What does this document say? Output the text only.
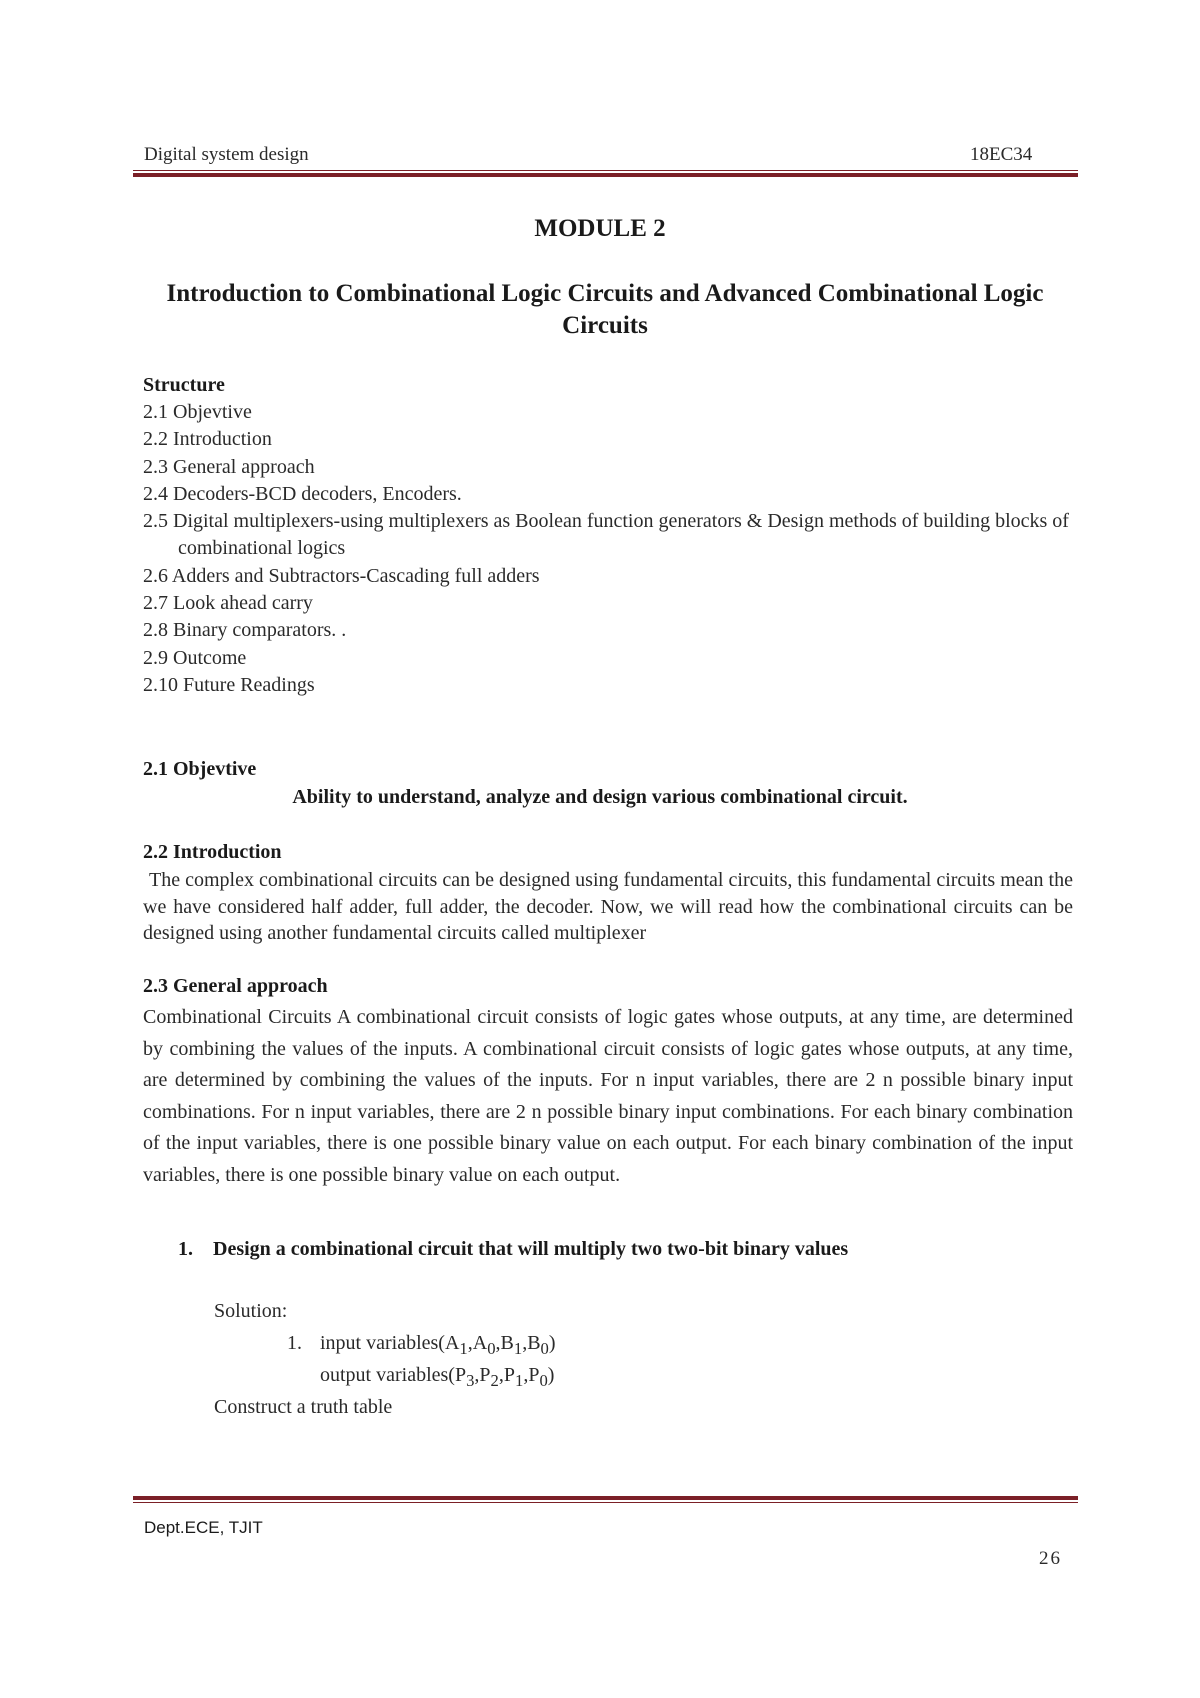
Digital system design	18EC34
MODULE 2
Introduction to Combinational Logic Circuits and Advanced Combinational Logic Circuits
Structure
2.1 Objevtive
2.2 Introduction
2.3 General approach
2.4 Decoders-BCD decoders, Encoders.
2.5 Digital multiplexers-using multiplexers as Boolean function generators & Design methods of building blocks of combinational logics
2.6 Adders and Subtractors-Cascading full adders
2.7 Look ahead carry
2.8 Binary comparators. .
2.9 Outcome
2.10 Future Readings
2.1 Objevtive
Ability to understand, analyze and design various combinational circuit.
2.2 Introduction

The complex combinational circuits can be designed using fundamental circuits, this fundamental circuits mean the we have considered half adder, full adder, the decoder. Now, we will read how the combinational circuits can be designed using another fundamental circuits called multiplexer

2.3 General approach

Combinational Circuits A combinational circuit consists of logic gates whose outputs, at any time, are determined by combining the values of the inputs. A combinational circuit consists of logic gates whose outputs, at any time, are determined by combining the values of the inputs. For n input variables, there are 2 n possible binary input combinations. For n input variables, there are 2 n possible binary input combinations. For each binary combination of the input variables, there is one possible binary value on each output. For each binary combination of the input variables, there is one possible binary value on each output.

1. Design a combinational circuit that will multiply two two-bit binary values
Solution:
1. input $variables(A_1,A_0,B_1,B_0)$
output $variables(P_3,P_2,P_1,P_0)$
Construct a truth table
Dept.ECE, TJIT
26
